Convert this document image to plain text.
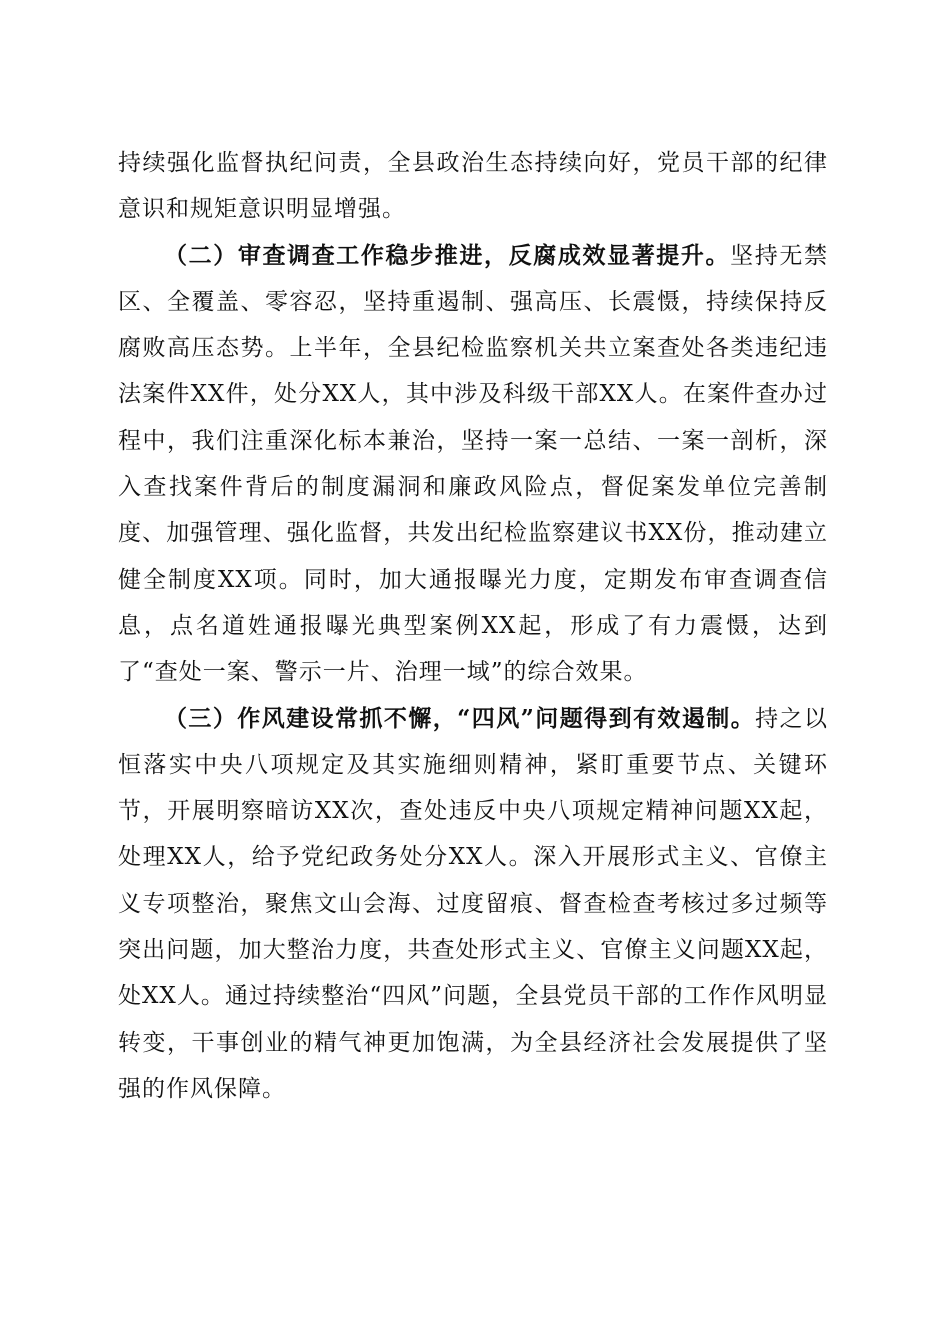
持续强化监督执纪问责，全县政治生态持续向好，党员干部的纪律意识和规矩意识明显增强。

（二）审查调查工作稳步推进，反腐成效显著提升。坚持无禁区、全覆盖、零容忍，坚持重遏制、强高压、长震慑，持续保持反腐败高压态势。上半年，全县纪检监察机关共立案查处各类违纪违法案件XX件，处分XX人，其中涉及科级干部XX人。在案件查办过程中，我们注重深化标本兼治，坚持一案一总结、一案一剖析，深入查找案件背后的制度漏洞和廉政风险点，督促案发单位完善制度、加强管理、强化监督，共发出纪检监察建议书XX份，推动建立健全制度XX项。同时，加大通报曝光力度，定期发布审查调查信息，点名道姓通报曝光典型案例XX起，形成了有力震慑，达到了“查处一案、警示一片、治理一域”的综合效果。

（三）作风建设常抓不懈，“四风”问题得到有效遏制。持之以恒落实中央八项规定及其实施细则精神，紧盯重要节点、关键环节，开展明察暗访XX次，查处违反中央八项规定精神问题XX起，处理XX人，给予党纪政务处分XX人。深入开展形式主义、官僚主义专项整治，聚焦文山会海、过度留痕、督查检查考核过多过频等突出问题，加大整治力度，共查处形式主义、官僚主义问题XX起，处XX人。通过持续整治“四风”问题，全县党员干部的工作作风明显转变，干事创业的精气神更加饱满，为全县经济社会发展提供了坚强的作风保障。
